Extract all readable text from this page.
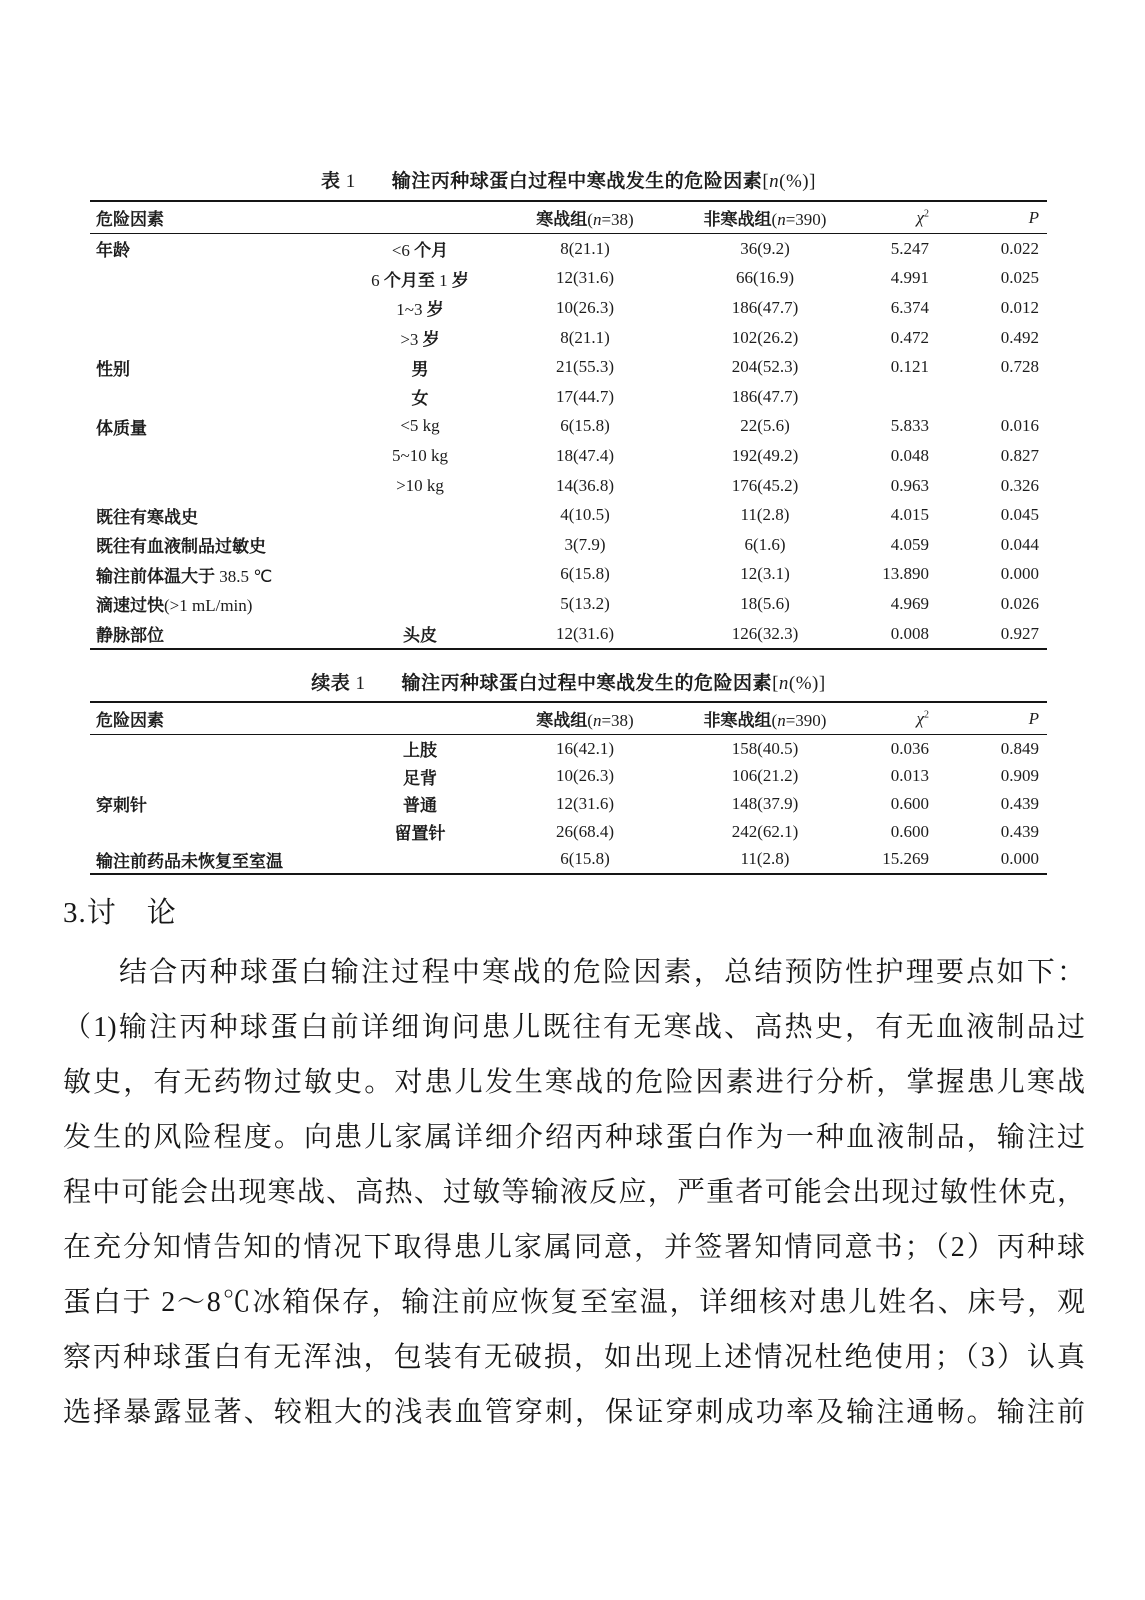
表 1 输注丙种球蛋白过程中寒战发生的危险因素[n(%)]
危险因素		寒战组(n=38)	非寒战组(n=390)	$\chi^2$	P
年龄	<6 个月	8(21.1)	36(9.2)	5.247	0.022
	6 个月至 1 岁	12(31.6)	66(16.9)	4.991	0.025
	1~3 岁	10(26.3)	186(47.7)	6.374	0.012
	>3 岁	8(21.1)	102(26.2)	0.472	0.492
性别	男	21(55.3)	204(52.3)	0.121	0.728
	女	17(44.7)	186(47.7)		
体质量	<5 kg	6(15.8)	22(5.6)	5.833	0.016
	5~10 kg	18(47.4)	192(49.2)	0.048	0.827
	>10 kg	14(36.8)	176(45.2)	0.963	0.326
既往有寒战史		4(10.5)	11(2.8)	4.015	0.045
既往有血液制品过敏史		3(7.9)	6(1.6)	4.059	0.044
输注前体温大于 38.5 ℃		6(15.8)	12(3.1)	13.890	0.000
滴速过快(>1 mL/min)		5(13.2)	18(5.6)	4.969	0.026
静脉部位	头皮	12(31.6)	126(32.3)	0.008	0.927
续表 1 输注丙种球蛋白过程中寒战发生的危险因素[n(%)]
危险因素		寒战组(n=38)	非寒战组(n=390)	$\chi^2$	P
	上肢	16(42.1)	158(40.5)	0.036	0.849
	足背	10(26.3)	106(21.2)	0.013	0.909
穿刺针	普通	12(31.6)	148(37.9)	0.600	0.439
	留置针	26(68.4)	242(62.1)	0.600	0.439
输注前药品未恢复至室温		6(15.8)	11(2.8)	15.269	0.000
3.讨　论
结合丙种球蛋白输注过程中寒战的危险因素，总结预防性护理要点如下：
（1)输注丙种球蛋白前详细询问患儿既往有无寒战、高热史，有无血液制品过
敏史，有无药物过敏史。对患儿发生寒战的危险因素进行分析，掌握患儿寒战
发生的风险程度。向患儿家属详细介绍丙种球蛋白作为一种血液制品，输注过
程中可能会出现寒战、高热、过敏等输液反应，严重者可能会出现过敏性休克，
在充分知情告知的情况下取得患儿家属同意，并签署知情同意书；（2）丙种球
蛋白于 2～8℃冰箱保存，输注前应恢复至室温，详细核对患儿姓名、床号，观
察丙种球蛋白有无浑浊，包装有无破损，如出现上述情况杜绝使用；（3）认真
选择暴露显著、较粗大的浅表血管穿刺，保证穿刺成功率及输注通畅。输注前
